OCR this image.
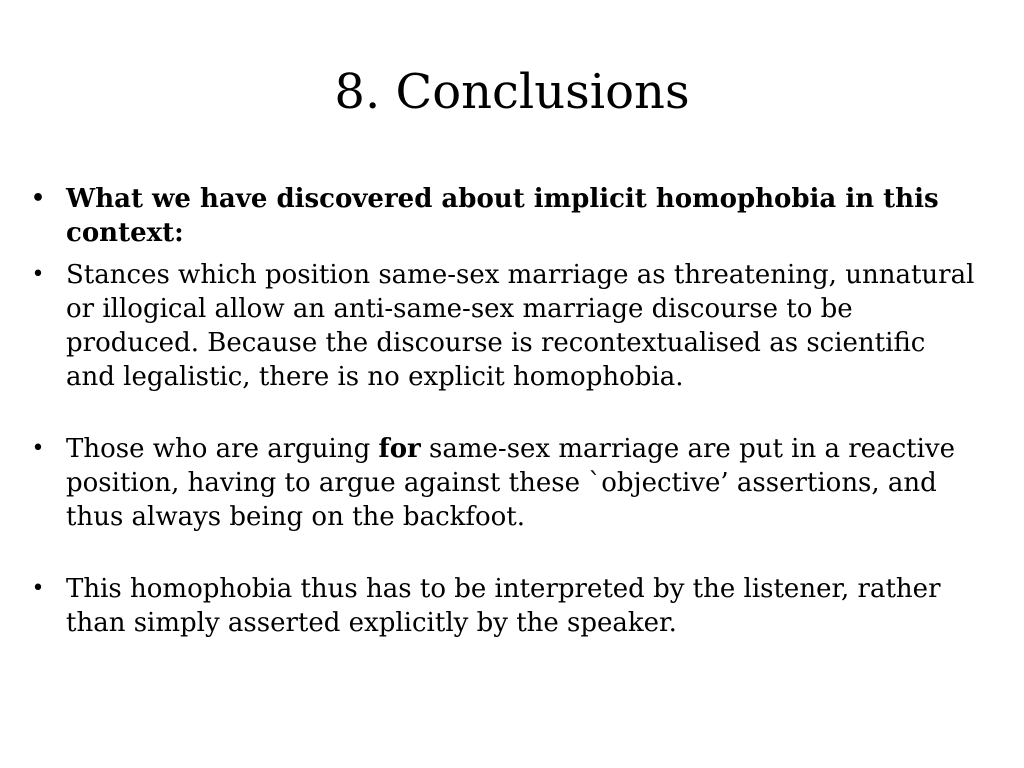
8. Conclusions
• What we have discovered about implicit homophobia in this context:
• Stances which position same-sex marriage as threatening, unnatural or illogical allow an anti-same-sex marriage discourse to be produced. Because the discourse is recontextualised as scientific and legalistic, there is no explicit homophobia.
• Those who are arguing for same-sex marriage are put in a reactive position, having to argue against these `objective’ assertions, and thus always being on the backfoot.
• This homophobia thus has to be interpreted by the listener, rather than simply asserted explicitly by the speaker.
